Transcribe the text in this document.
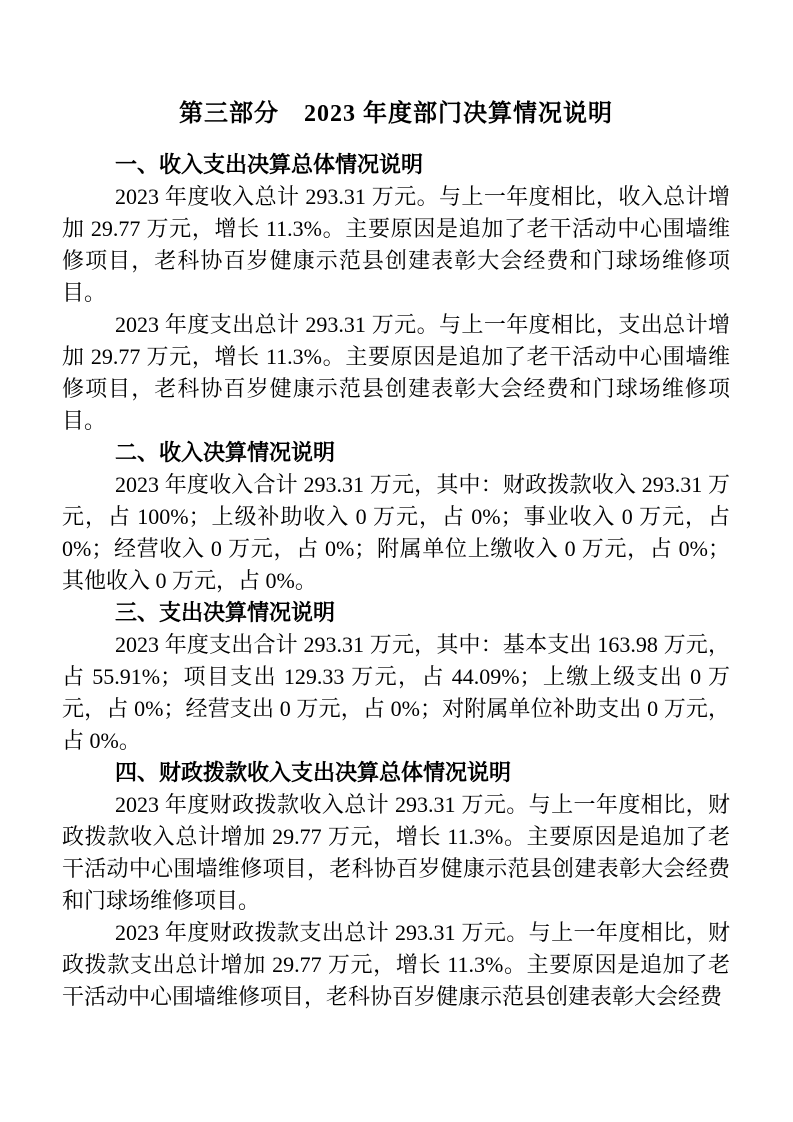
第三部分　2023 年度部门决算情况说明
一、收入支出决算总体情况说明

2023 年度收入总计 293.31 万元。与上一年度相比，收入总计增加 29.77 万元，增长 11.3%。主要原因是追加了老干活动中心围墙维修项目，老科协百岁健康示范县创建表彰大会经费和门球场维修项目。

2023 年度支出总计 293.31 万元。与上一年度相比，支出总计增加 29.77 万元，增长 11.3%。主要原因是追加了老干活动中心围墙维修项目，老科协百岁健康示范县创建表彰大会经费和门球场维修项目。

二、收入决算情况说明

2023 年度收入合计 293.31 万元，其中：财政拨款收入 293.31 万元，占 100%；上级补助收入 0 万元，占 0%；事业收入 0 万元，占 0%；经营收入 0 万元，占 0%；附属单位上缴收入 0 万元，占 0%；其他收入 0 万元，占 0%。

三、支出决算情况说明

2023 年度支出合计 293.31 万元，其中：基本支出 163.98 万元，占 55.91%；项目支出 129.33 万元，占 44.09%；上缴上级支出 0 万元，占 0%；经营支出 0 万元，占 0%；对附属单位补助支出 0 万元，占 0%。

四、财政拨款收入支出决算总体情况说明

2023 年度财政拨款收入总计 293.31 万元。与上一年度相比，财政拨款收入总计增加 29.77 万元，增长 11.3%。主要原因是追加了老干活动中心围墙维修项目，老科协百岁健康示范县创建表彰大会经费和门球场维修项目。

2023 年度财政拨款支出总计 293.31 万元。与上一年度相比，财政拨款支出总计增加 29.77 万元，增长 11.3%。主要原因是追加了老干活动中心围墙维修项目，老科协百岁健康示范县创建表彰大会经费
